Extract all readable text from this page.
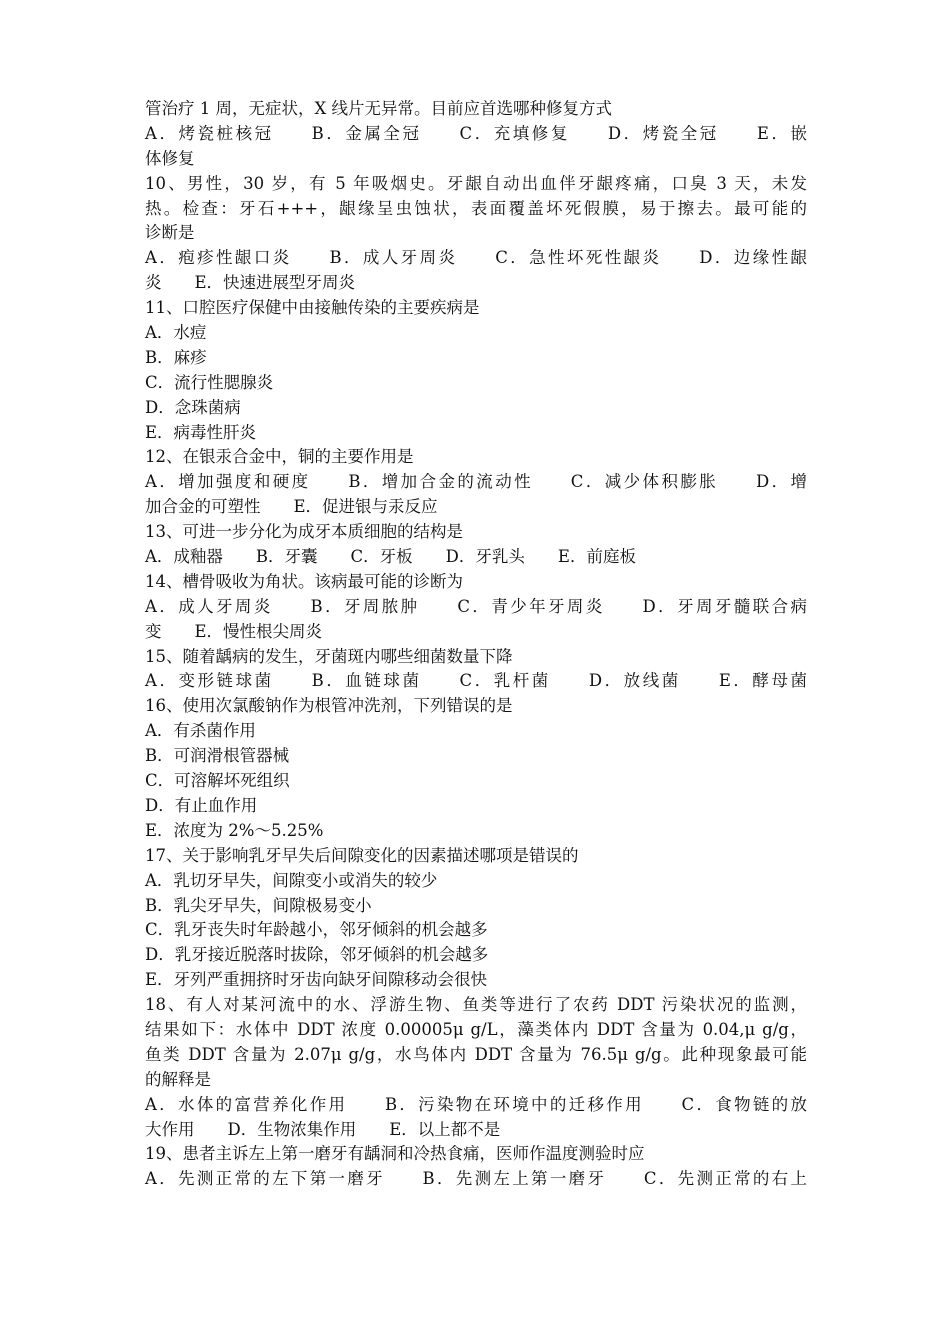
管治疗 1 周，无症状，X 线片无异常。目前应首选哪种修复方式
A．烤瓷桩核冠　　B．金属全冠　　C．充填修复　　D．烤瓷全冠　　E．嵌
体修复
10、男性，30 岁，有 5 年吸烟史。牙龈自动出血伴牙龈疼痛，口臭 3 天，未发
热。检查：牙石+++，龈缘呈虫蚀状，表面覆盖坏死假膜，易于擦去。最可能的
诊断是
A．疱疹性龈口炎　　B．成人牙周炎　　C．急性坏死性龈炎　　D．边缘性龈
炎　　E．快速进展型牙周炎
11、口腔医疗保健中由接触传染的主要疾病是
A．水痘
B．麻疹
C．流行性腮腺炎
D．念珠菌病
E．病毒性肝炎
12、在银汞合金中，铜的主要作用是
A．增加强度和硬度　　B．增加合金的流动性　　C．减少体积膨胀　　D．增
加合金的可塑性　　E．促进银与汞反应
13、可进一步分化为成牙本质细胞的结构是
A．成釉器　　B．牙囊　　C．牙板　　D．牙乳头　　E．前庭板
14、槽骨吸收为角状。该病最可能的诊断为
A．成人牙周炎　　B．牙周脓肿　　C．青少年牙周炎　　D．牙周牙髓联合病
变　　E．慢性根尖周炎
15、随着龋病的发生，牙菌斑内哪些细菌数量下降
A．变形链球菌　　B．血链球菌　　C．乳杆菌　　D．放线菌　　E．酵母菌
16、使用次氯酸钠作为根管冲洗剂，下列错误的是
A．有杀菌作用
B．可润滑根管器械
C．可溶解坏死组织
D．有止血作用
E．浓度为 2%～5.25%
17、关于影响乳牙早失后间隙变化的因素描述哪项是错误的
A．乳切牙早失，间隙变小或消失的较少
B．乳尖牙早失，间隙极易变小
C．乳牙丧失时年龄越小，邻牙倾斜的机会越多
D．乳牙接近脱落时拔除，邻牙倾斜的机会越多
E．牙列严重拥挤时牙齿向缺牙间隙移动会很快
18、有人对某河流中的水、浮游生物、鱼类等进行了农药 DDT 污染状况的监测，
结果如下：水体中 DDT 浓度 0.00005μ g/L，藻类体内 DDT 含量为 0.04,μ g/g，
鱼类 DDT 含量为 2.07μ g/g，水鸟体内 DDT 含量为 76.5μ g/g。此种现象最可能
的解释是
A．水体的富营养化作用　　B．污染物在环境中的迁移作用　　C．食物链的放
大作用　　D．生物浓集作用　　E．以上都不是
19、患者主诉左上第一磨牙有龋洞和冷热食痛，医师作温度测验时应
A．先测正常的左下第一磨牙　　B．先测左上第一磨牙　　C．先测正常的右上
